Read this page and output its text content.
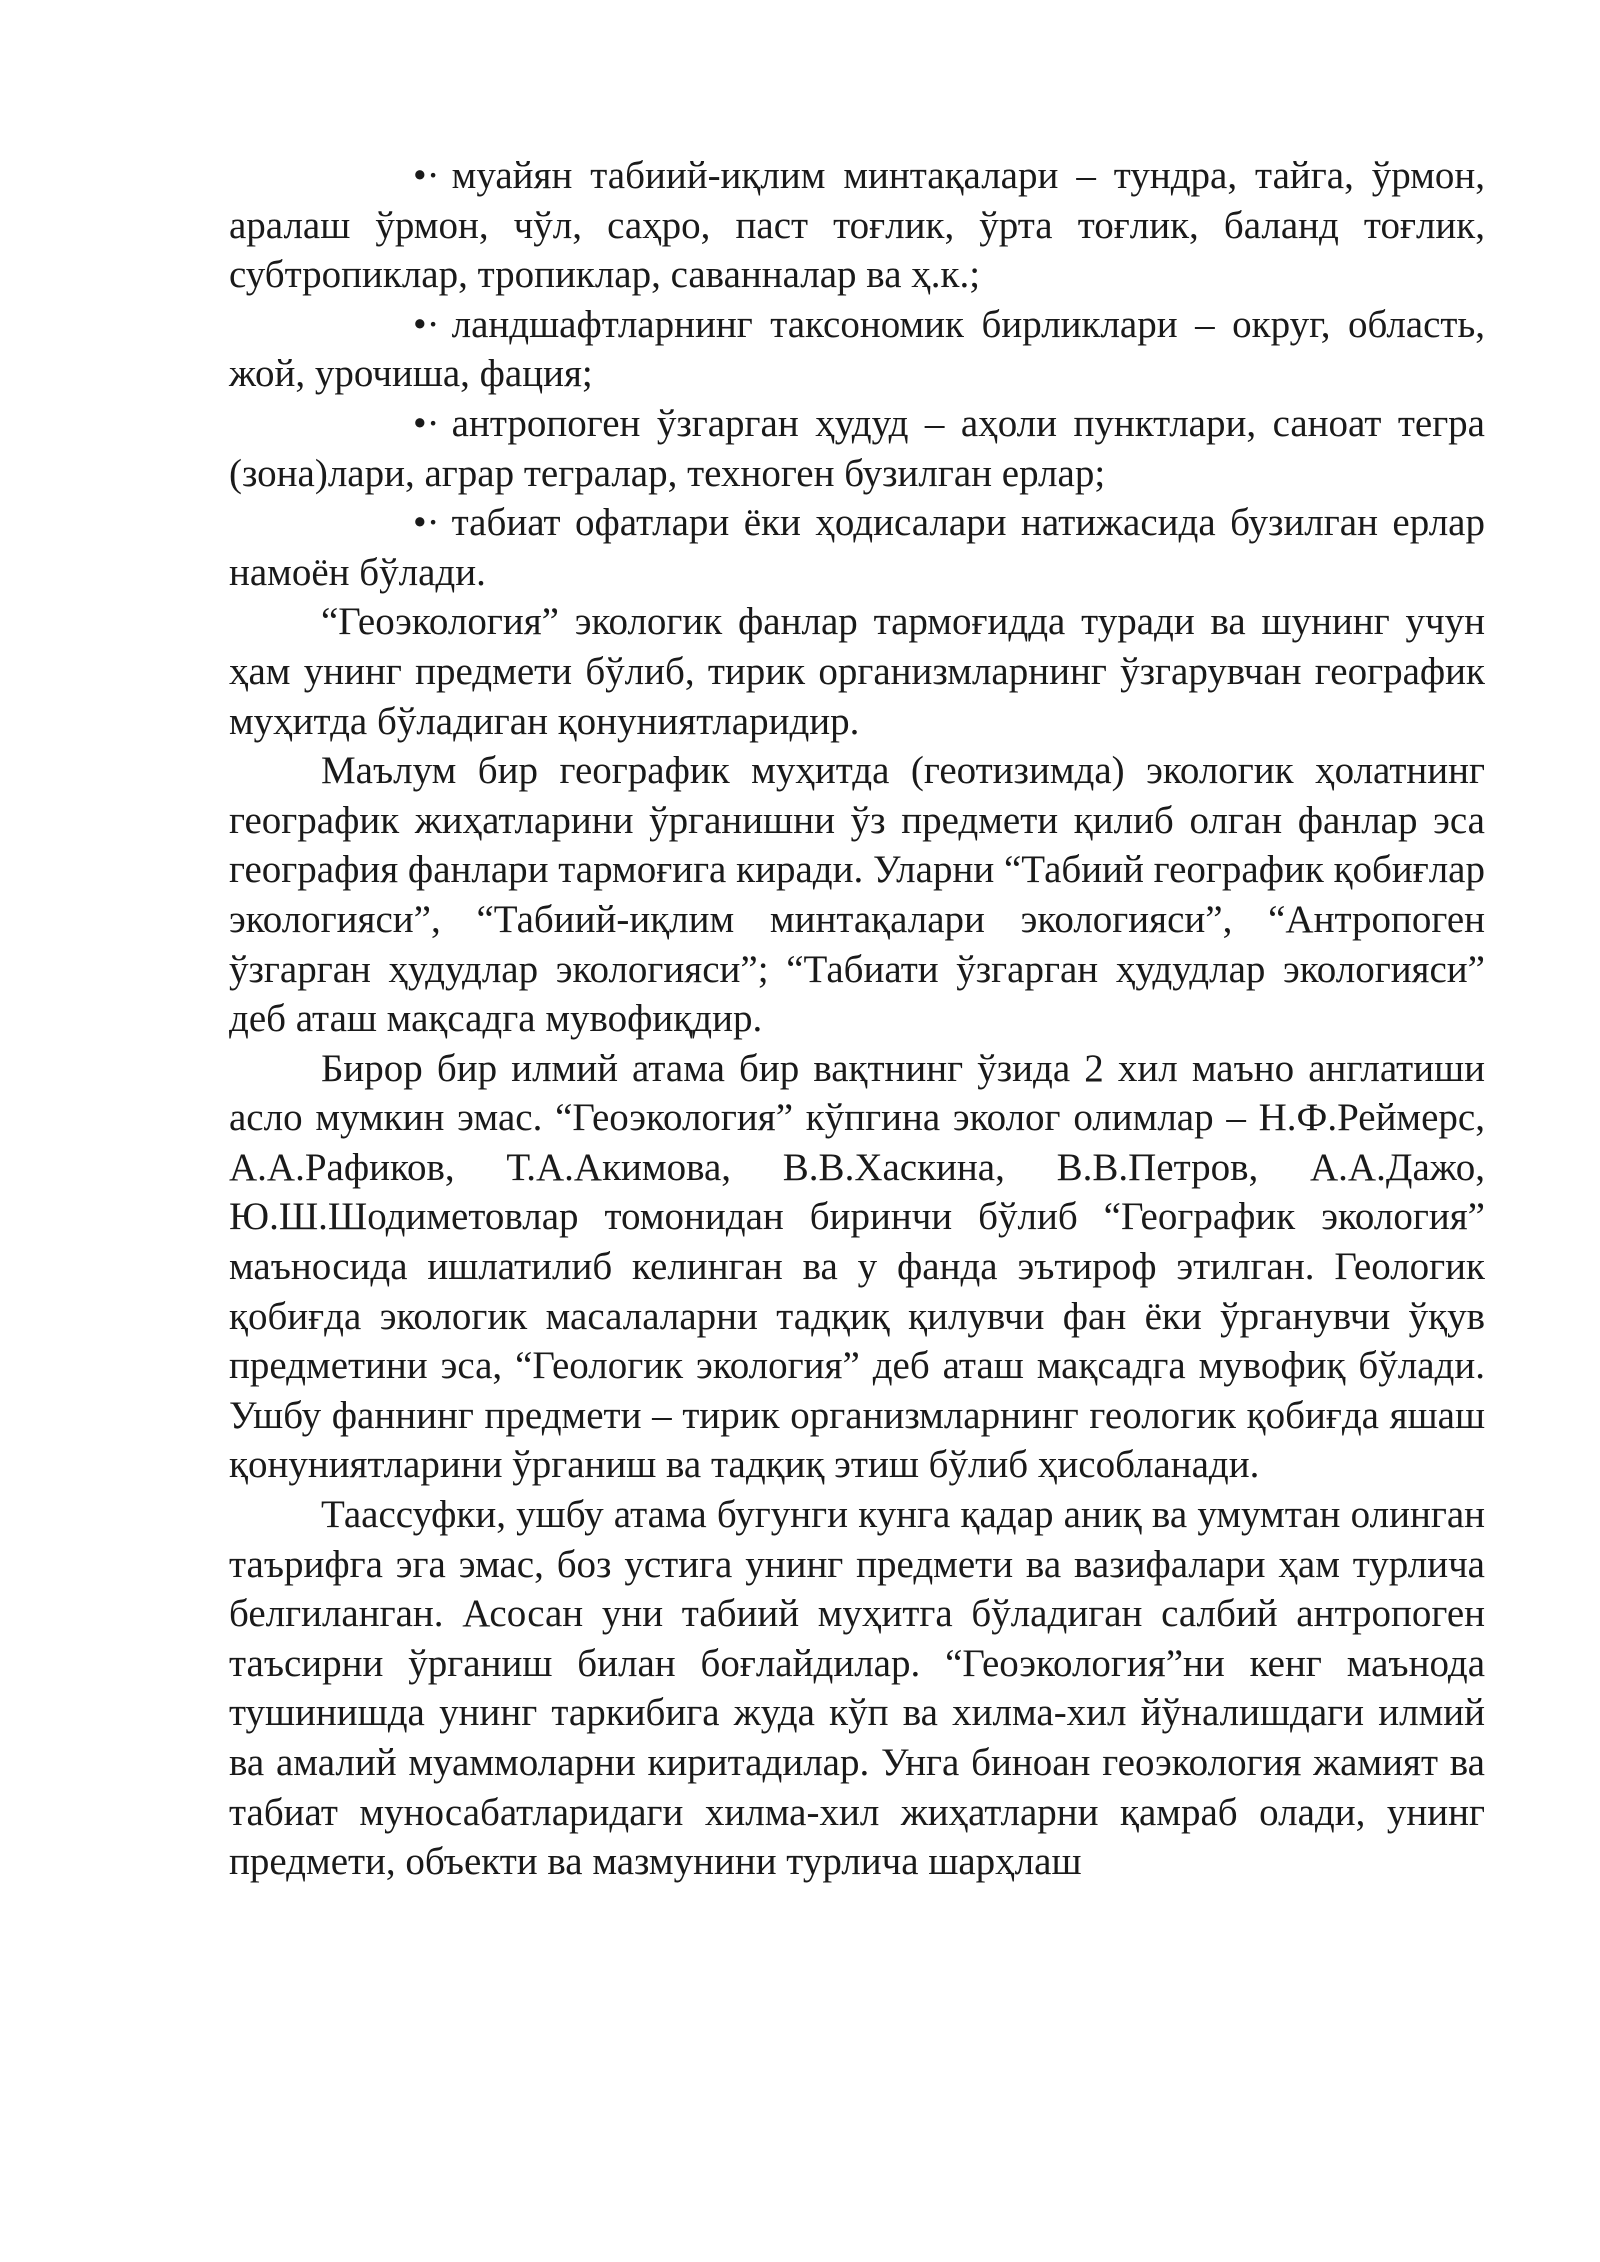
•· муайян табиий-иқлим минтақалари – тундра, тайга, ўрмон, аралаш ўрмон, чўл, саҳро, паст тоғлик, ўрта тоғлик, баланд тоғлик, субтропиклар, тропиклар, саванналар ва ҳ.к.;

•· ландшафтларнинг таксономик бирликлари – округ, область, жой, урочиша, фация;

•· антропоген ўзгарган ҳудуд – аҳоли пунктлари, саноат тегра (зона)лари, аграр тегралар, техноген бузилган ерлар;

•· табиат офатлари ёки ҳодисалари натижасида бузилган ерлар намоён бўлади.

“Геоэкология” экологик фанлар тармоғидда туради ва шунинг учун ҳам унинг предмети бўлиб, тирик организмларнинг ўзгарувчан географик муҳитда бўладиган қонуниятларидир.

Маълум бир географик муҳитда (геотизимда) экологик ҳолатнинг географик жиҳатларини ўрганишни ўз предмети қилиб олган фанлар эса география фанлари тармоғига киради. Уларни “Табиий географик қобиғлар экологияси”, “Табиий-иқлим минтақалари экологияси”, “Антропоген ўзгарган ҳудудлар экологияси”; “Табиати ўзгарган ҳудудлар экологияси” деб аташ мақсадга мувофиқдир.

Бирор бир илмий атама бир вақтнинг ўзида 2 хил маъно англатиши асло мумкин эмас. “Геоэкология” кўпгина эколог олимлар – Н.Ф.Реймерс, А.А.Рафиков, Т.А.Акимова, В.В.Хаскина, В.В.Петров, А.А.Дажо, Ю.Ш.Шодиметовлар томонидан биринчи бўлиб “Географик экология” маъносида ишлатилиб келинган ва у фанда эътироф этилган. Геологик қобиғда экологик масалаларни тадқиқ қилувчи фан ёки ўрганувчи ўқув предметини эса, “Геологик экология” деб аташ мақсадга мувофиқ бўлади. Ушбу фаннинг предмети – тирик организмларнинг геологик қобиғда яшаш қонуниятларини ўрганиш ва тадқиқ этиш бўлиб ҳисобланади.

Таассуфки, ушбу атама бугунги кунга қадар аниқ ва умумтан олинган таърифга эга эмас, боз устига унинг предмети ва вазифалари ҳам турлича белгиланган. Асосан уни табиий муҳитга бўладиган салбий антропоген таъсирни ўрганиш билан боғлайдилар. “Геоэкология”ни кенг маънода тушинишда унинг таркибига жуда кўп ва хилма-хил йўналишдаги илмий ва амалий муаммоларни киритадилар. Унга биноан геоэкология жамият ва табиат муносабатларидаги хилма-хил жиҳатларни қамраб олади, унинг предмети, объекти ва мазмунини турлича шарҳлаш
